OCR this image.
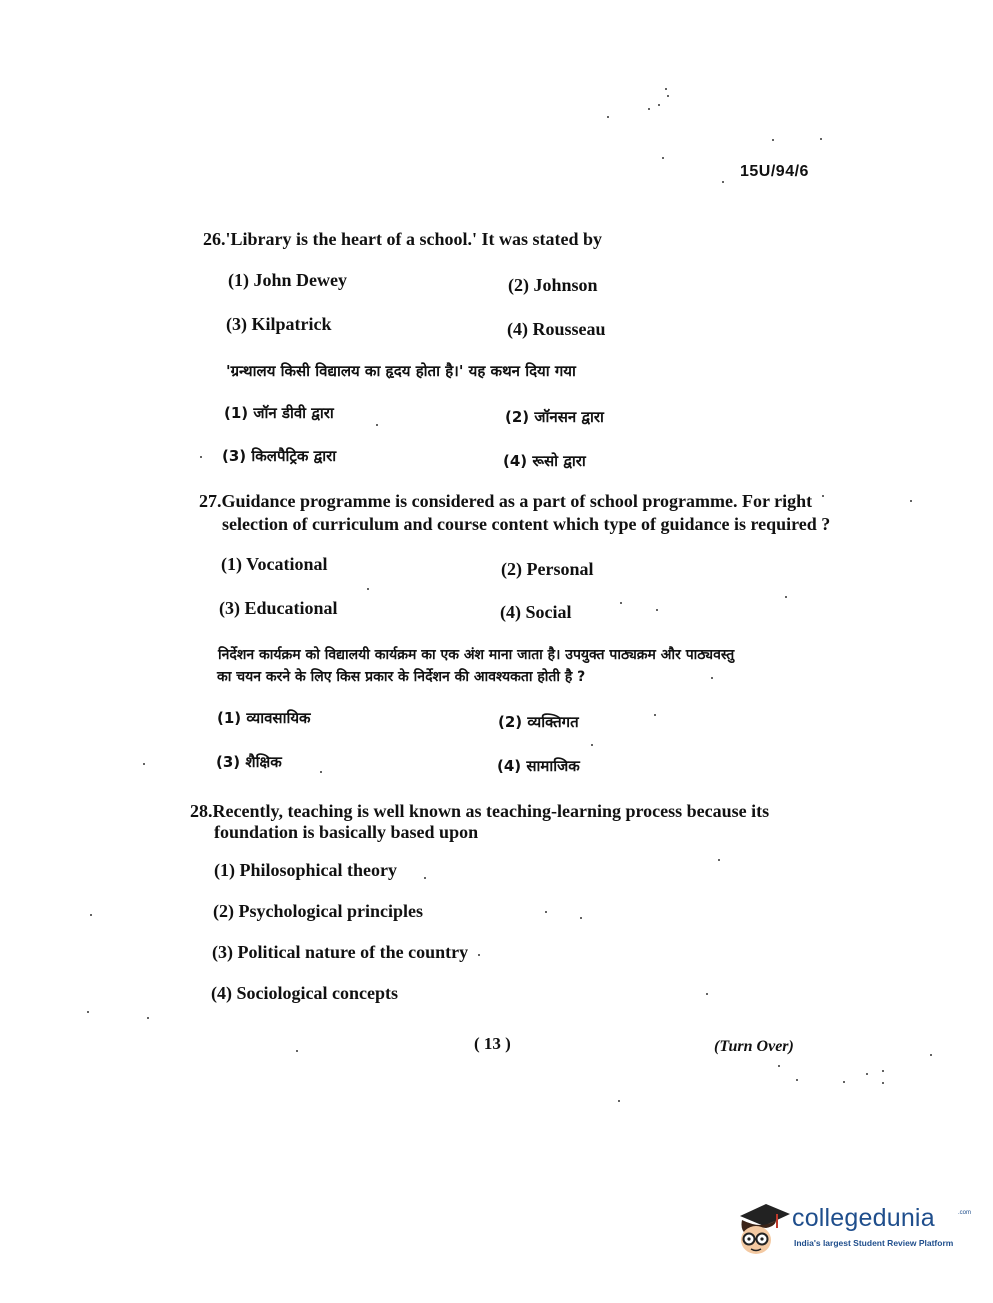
15U/94/6
26.'Library is the heart of a school.' It was stated by
(1) John Dewey	(2) Johnson
(3) Kilpatrick	(4) Rousseau
'ग्रन्थालय किसी विद्यालय का हृदय होता है।' यह कथन दिया गया
(1) जॉन डीवी द्वारा	(2) जॉनसन द्वारा
(3) किलपैट्रिक द्वारा	(4) रूसो द्वारा
27.Guidance programme is considered as a part of school programme. For right
selection of curriculum and course content which type of guidance is required ?
(1) Vocational	(2) Personal
(3) Educational	(4) Social
निर्देशन कार्यक्रम को विद्यालयी कार्यक्रम का एक अंश माना जाता है। उपयुक्त पाठ्यक्रम और पाठ्यवस्तु
का चयन करने के लिए किस प्रकार के निर्देशन की आवश्यकता होती है ?
(1) व्यावसायिक	(2) व्यक्तिगत
(3) शैक्षिक	(4) सामाजिक
28.Recently, teaching is well known as teaching-learning process because its
foundation is basically based upon
(1) Philosophical theory
(2) Psychological principles
(3) Political nature of the country
(4) Sociological concepts
( 13 )	(Turn Over)
collegedunia	.com
India's largest Student Review Platform
